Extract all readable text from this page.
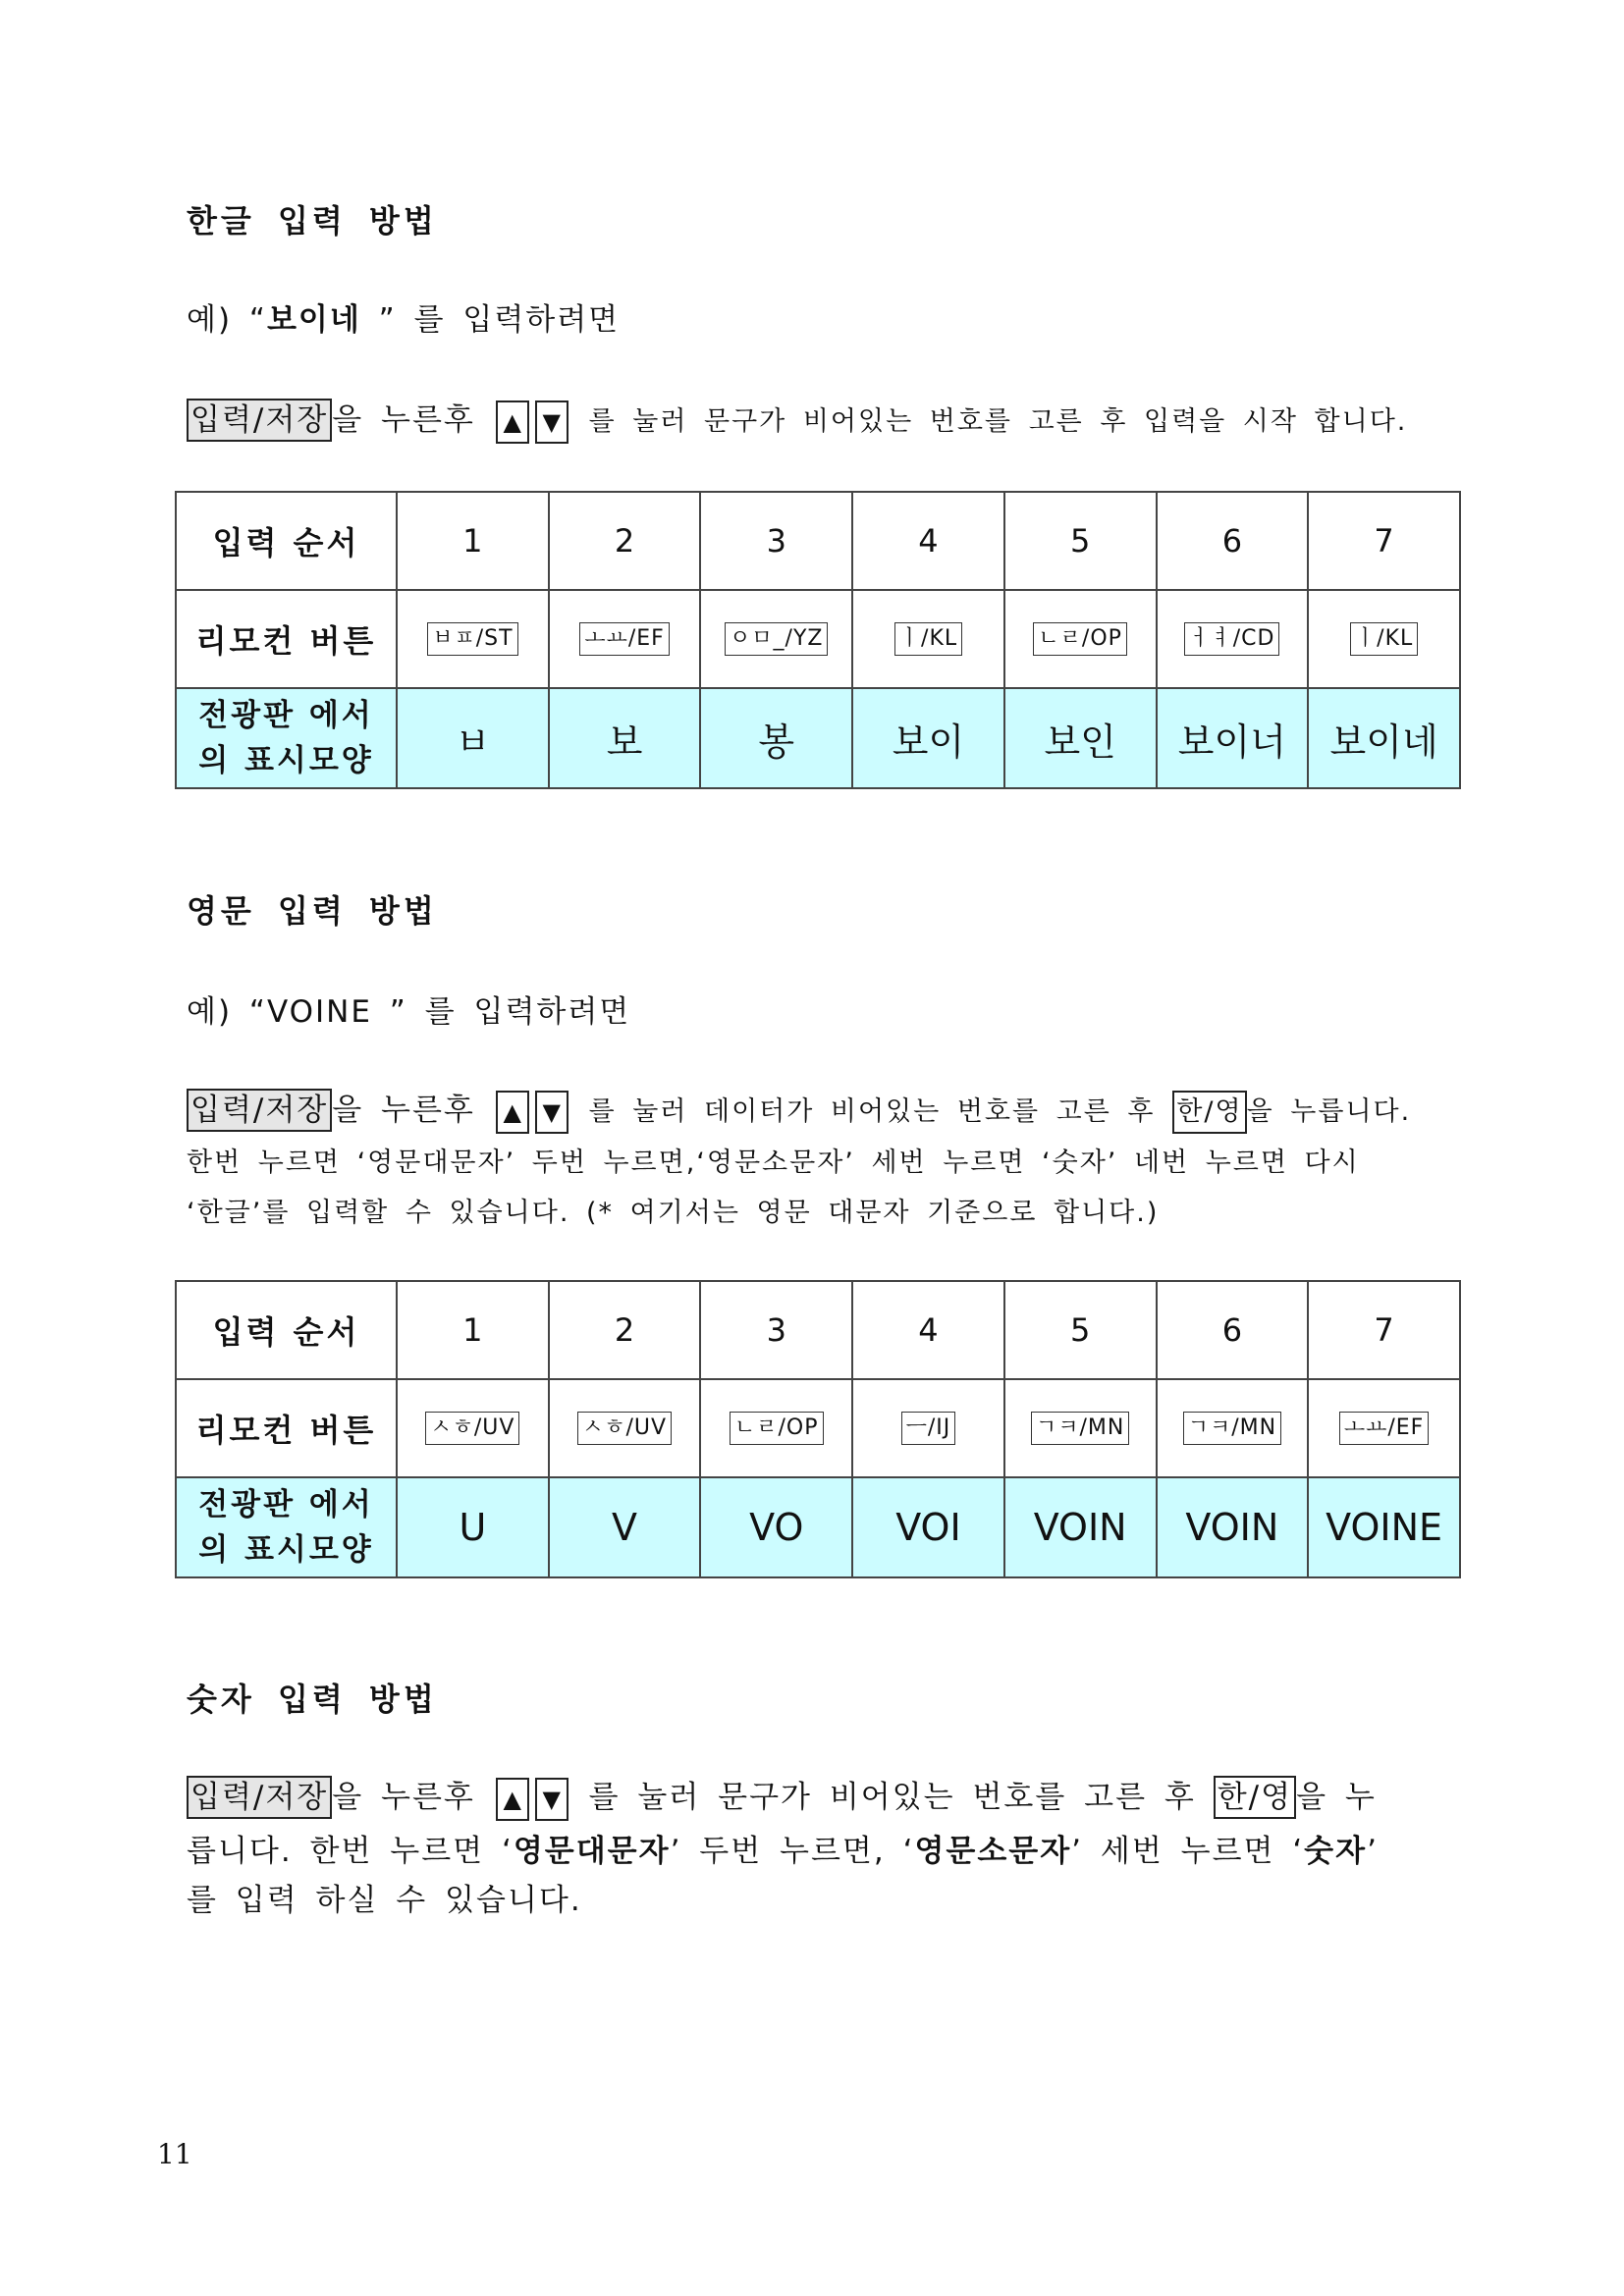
한글 입력 방법
예) “보이네 ” 를 입력하려면
입력/저장 을 누른후 ▲ ▼ 를 눌러 문구가 비어있는 번호를 고른 후 입력을 시작 합니다.
입력 순서	1	2	3	4	5	6	7
리모컨 버튼	ㅂㅍ/ST	ㅗㅛ/EF	ㅇㅁ_/YZ	ㅣ/KL	ㄴㄹ/OP	ㅓㅕ/CD	ㅣ/KL
전광판 에서
의 표시모양	ㅂ	보	봉	보이	보인	보이너	보이네
영문 입력 방법
예) “VOINE ” 를 입력하려면
입력/저장 을 누른후 ▲ ▼ 를 눌러 데이터가 비어있는 번호를 고른 후 한/영 을 누릅니다.
한번 누르면 ‘영문대문자’ 두번 누르면,‘영문소문자’ 세번 누르면 ‘숫자’ 네번 누르면 다시
‘한글’를 입력할 수 있습니다. (* 여기서는 영문 대문자 기준으로 합니다.)
입력 순서	1	2	3	4	5	6	7
리모컨 버튼	ㅅㅎ/UV	ㅅㅎ/UV	ㄴㄹ/OP	ㅡ/IJ	ㄱㅋ/MN	ㄱㅋ/MN	ㅗㅛ/EF
전광판 에서
의 표시모양	U	V	VO	VOI	VOIN	VOIN	VOINE
숫자 입력 방법
입력/저장 을 누른후 ▲ ▼ 를 눌러 문구가 비어있는 번호를 고른 후 한/영 을 누
릅니다. 한번 누르면 ‘영문대문자’ 두번 누르면, ‘영문소문자’ 세번 누르면 ‘숫자’
를 입력 하실 수 있습니다.
11
